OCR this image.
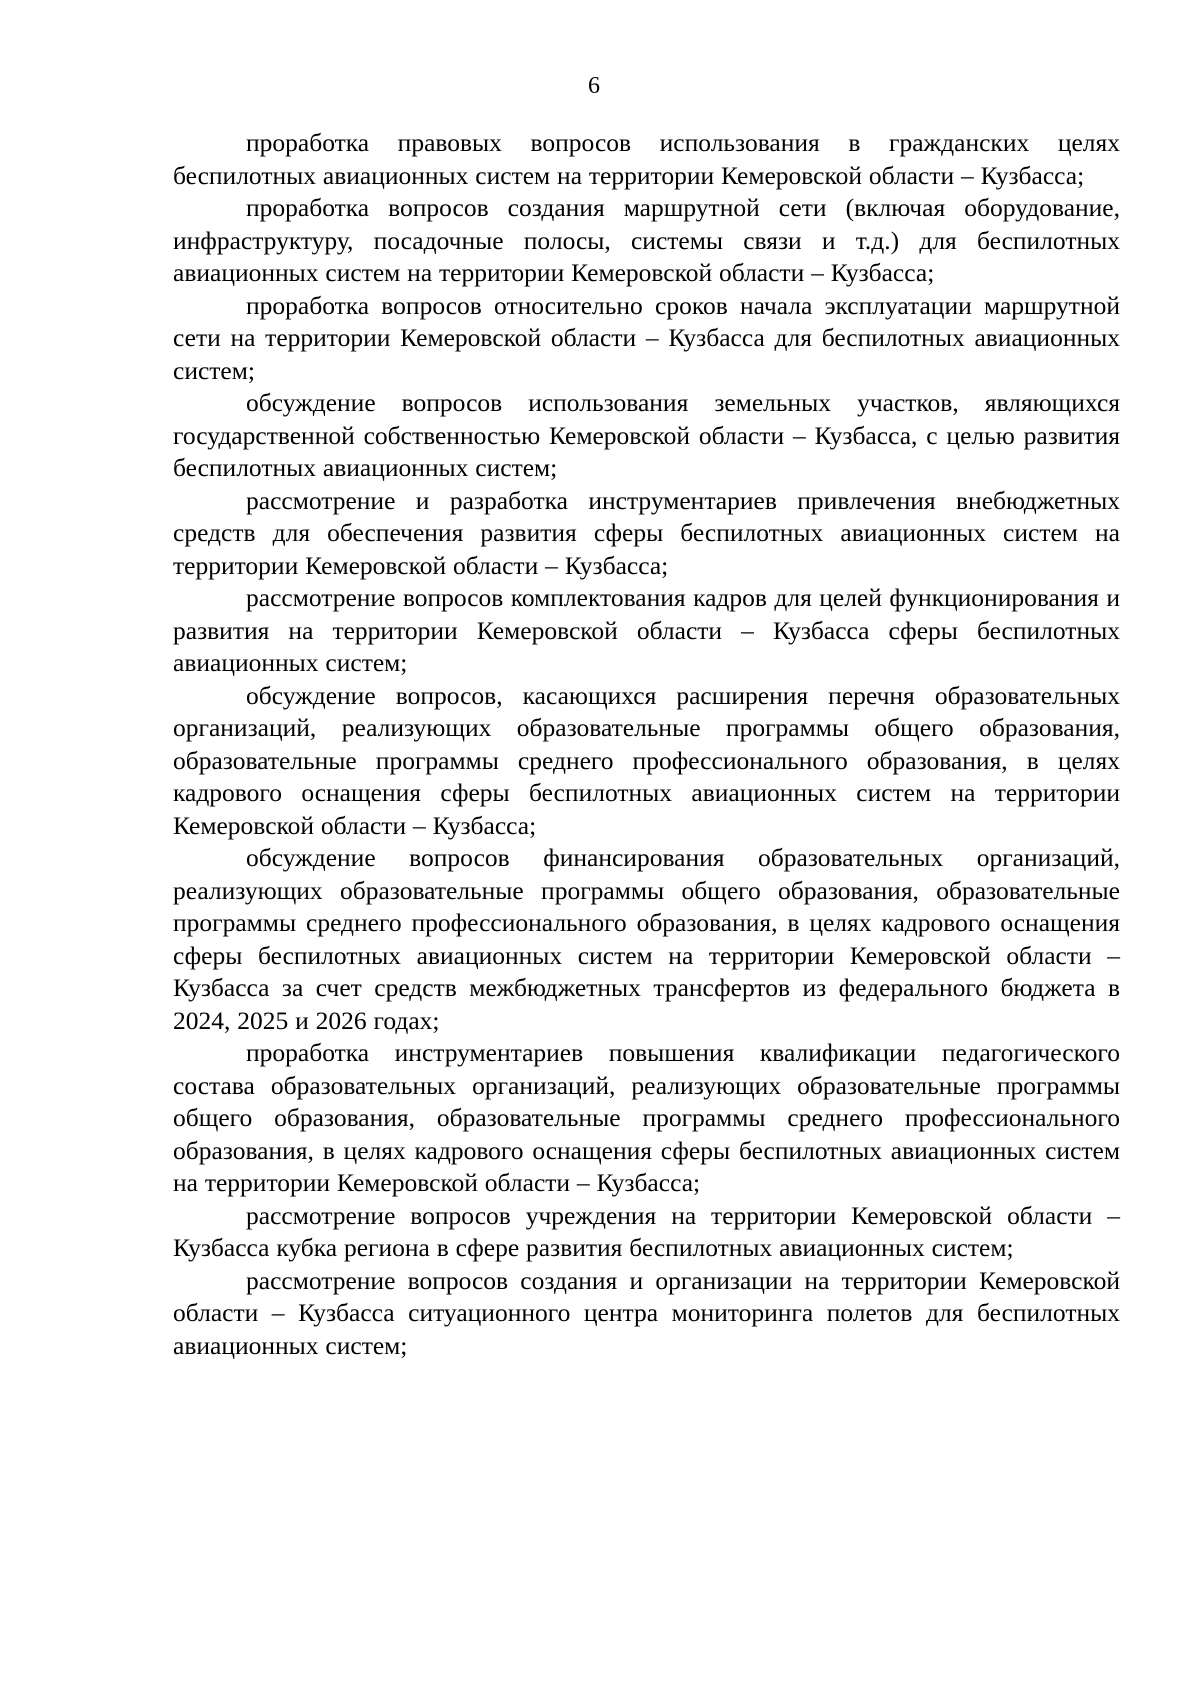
6

проработка правовых вопросов использования в гражданских целях беспилотных авиационных систем на территории Кемеровской области – Кузбасса;

проработка вопросов создания маршрутной сети (включая оборудование, инфраструктуру, посадочные полосы, системы связи и т.д.) для беспилотных авиационных систем на территории Кемеровской области – Кузбасса;

проработка вопросов относительно сроков начала эксплуатации маршрутной сети на территории Кемеровской области – Кузбасса для беспилотных авиационных систем;

обсуждение вопросов использования земельных участков, являющихся государственной собственностью Кемеровской области – Кузбасса, с целью развития беспилотных авиационных систем;

рассмотрение и разработка инструментариев привлечения внебюджетных средств для обеспечения развития сферы беспилотных авиационных систем на территории Кемеровской области – Кузбасса;

рассмотрение вопросов комплектования кадров для целей функционирования и развития на территории Кемеровской области – Кузбасса сферы беспилотных авиационных систем;

обсуждение вопросов, касающихся расширения перечня образовательных организаций, реализующих образовательные программы общего образования, образовательные программы среднего профессионального образования, в целях кадрового оснащения сферы беспилотных авиационных систем на территории Кемеровской области – Кузбасса;

обсуждение вопросов финансирования образовательных организаций, реализующих образовательные программы общего образования, образовательные программы среднего профессионального образования, в целях кадрового оснащения сферы беспилотных авиационных систем на территории Кемеровской области – Кузбасса за счет средств межбюджетных трансфертов из федерального бюджета в 2024, 2025 и 2026 годах;

проработка инструментариев повышения квалификации педагогического состава образовательных организаций, реализующих образовательные программы общего образования, образовательные программы среднего профессионального образования, в целях кадрового оснащения сферы беспилотных авиационных систем на территории Кемеровской области – Кузбасса;

рассмотрение вопросов учреждения на территории Кемеровской области – Кузбасса кубка региона в сфере развития беспилотных авиационных систем;

рассмотрение вопросов создания и организации на территории Кемеровской области – Кузбасса ситуационного центра мониторинга полетов для беспилотных авиационных систем;
